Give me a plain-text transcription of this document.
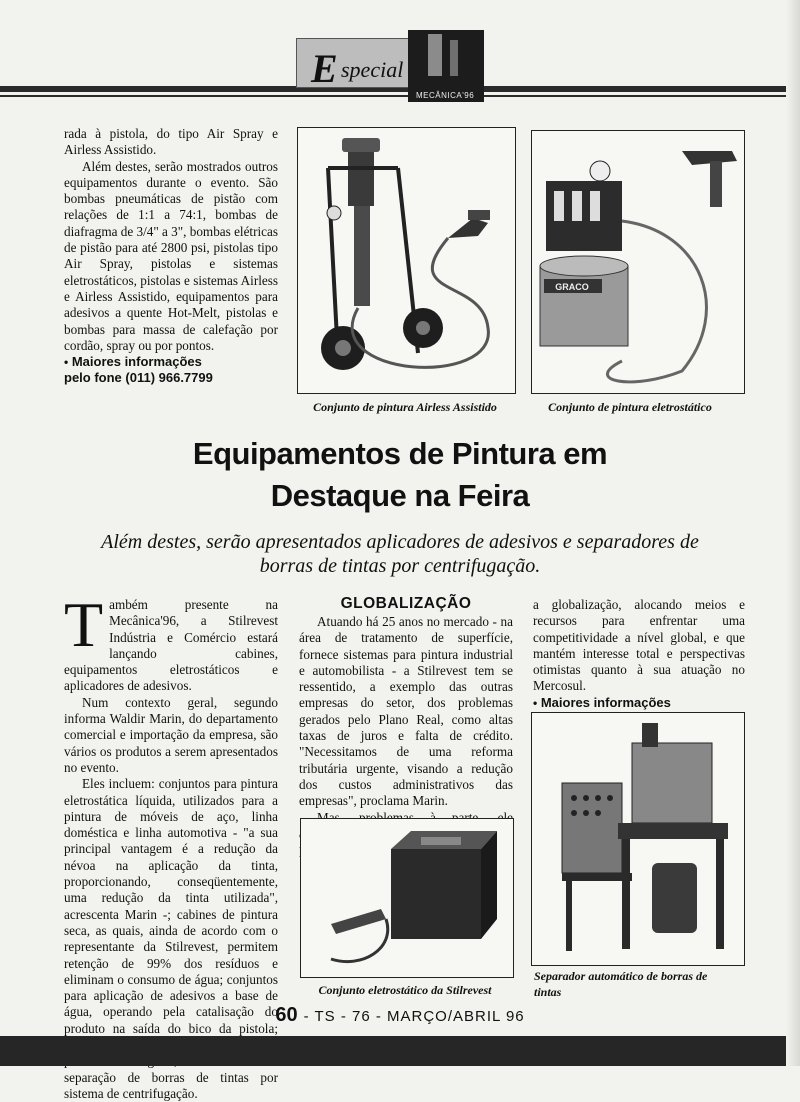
E special
MECÂNICA'96

rada à pistola, do tipo Air Spray e Airless Assistido.

Além destes, serão mostrados outros equipamentos durante o evento. São bombas pneumáticas de pistão com relações de 1:1 a 74:1, bombas de diafragma de 3/4" a 3", bombas elétricas de pistão para até 2800 psi, pistolas tipo Air Spray, pistolas e sistemas eletrostáticos, pistolas e sistemas Airless e Airless Assistido, equipamentos para adesivos a quente Hot-Melt, pistolas e bombas para massa de calefação por cordão, spray ou por pontos.

• Maiores informações
pelo fone (011) 966.7799
Conjunto de pintura Airless Assistido
GRACO
Conjunto de pintura eletrostático
Equipamentos de Pintura em
Destaque na Feira
Além destes, serão apresentados aplicadores de adesivos e separadores de borras de tintas por centrifugação.

Também presente na Mecânica'96, a Stilrevest Indústria e Comércio estará lançando cabines, equipamentos eletrostáticos e aplicadores de adesivos.

Num contexto geral, segundo informa Waldir Marin, do departamento comercial e importação da empresa, são vários os produtos a serem apresentados no evento.

Eles incluem: conjuntos para pintura eletrostática líquida, utilizados para a pintura de móveis de aço, linha doméstica e linha automotiva - "a sua principal vantagem é a redução da névoa na aplicação da tinta, proporcionando, conseqüentemente, uma redução da tinta utilizada", acrescenta Marin -; cabines de pintura seca, as quais, ainda de acordo com o representante da Stilrevest, permitem retenção de 99% dos resíduos e eliminam o consumo de água; conjuntos para aplicação de adesivos a base de água, operando pela catalisação do produto na saída do bico da pistola; separação de borras de tintas por sistema de centrifugação.

GLOBALIZAÇÃO

Atuando há 25 anos no mercado - na área de tratamento de superfície, fornece sistemas para pintura industrial e automobilista - a Stilrevest tem se ressentido, a exemplo das outras empresas do setor, dos problemas gerados pelo Plano Real, como altas taxas de juros e falta de crédito. "Necessitamos de uma reforma tributária urgente, visando a redução dos custos administrativos das empresas", proclama Marin.

Conjunto eletrostático da Stilrevest

a globalização, alocando meios e recursos para enfrentar uma competitividade a nível global, e que mantém interesse total e perspectivas otimistas quanto à sua atuação no Mercosul.

• Maiores informações

Separador automático de borras de tintas
60 - TS - 76 - MARÇO/ABRIL 96
